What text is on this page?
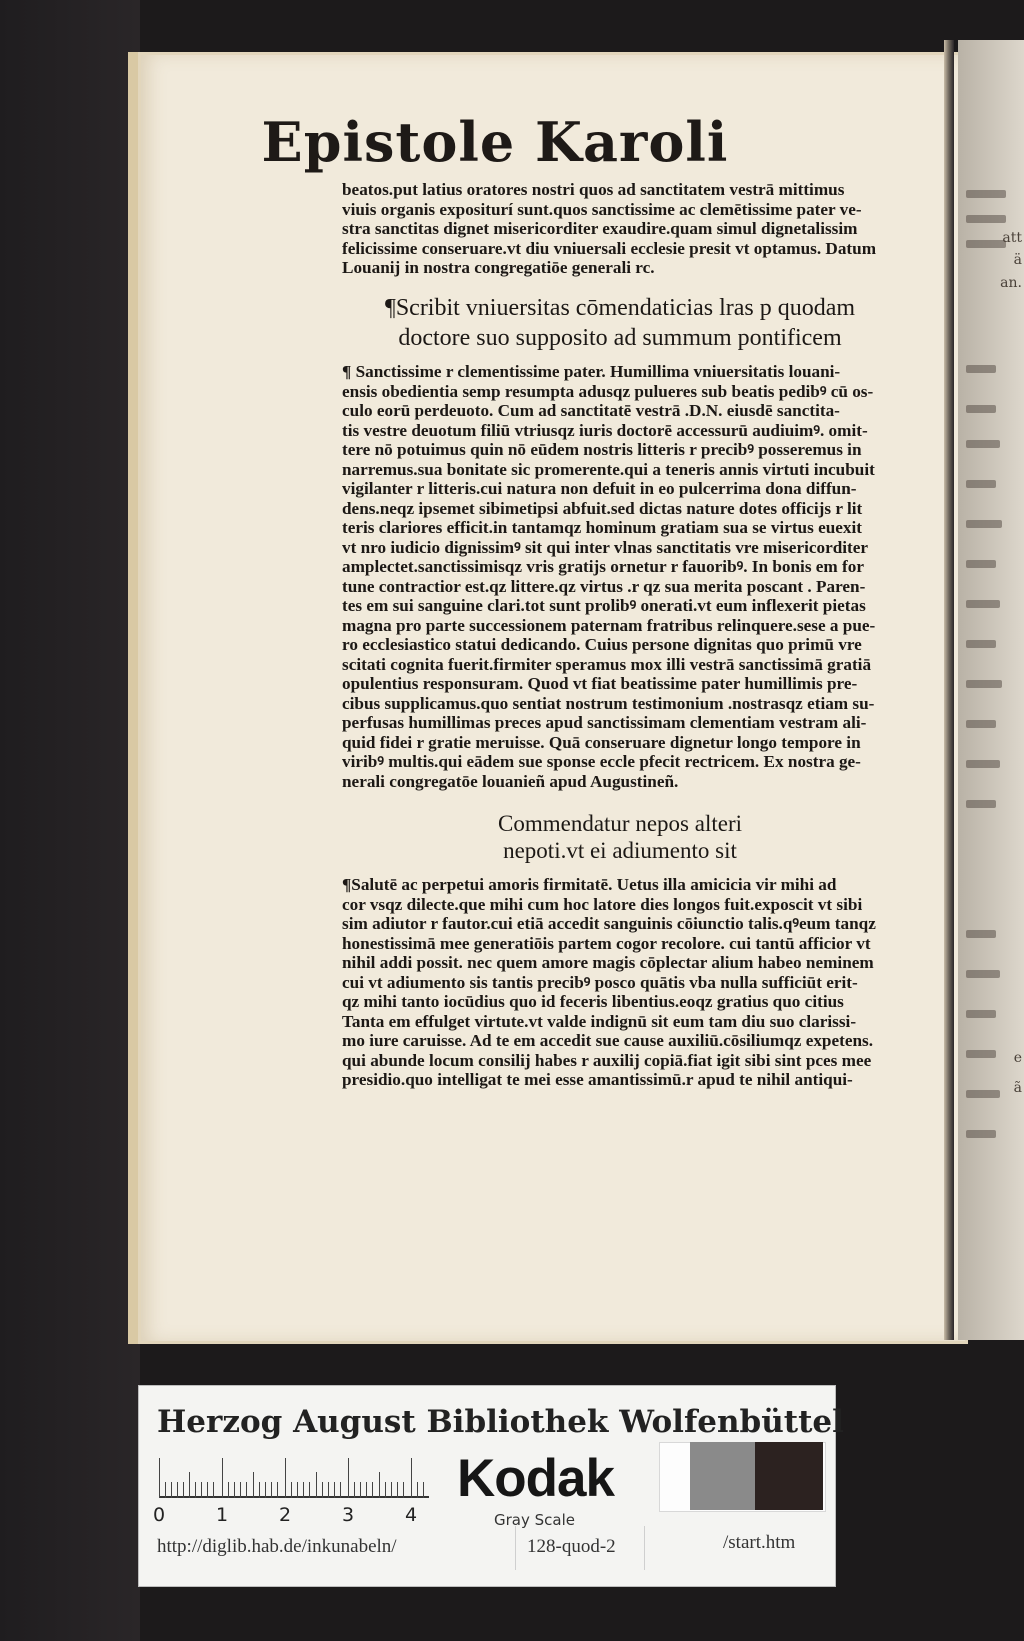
att
ä
an.
e
ã
Epistole Karoli
beatos.put latius oratores nostri quos ad sanctitatem vestrā mittimus
viuis organis expositurí sunt.quos sanctissime ac clemētissime pater ve-
stra sanctitas dignet misericorditer exaudire.quam simul dignetalissim
felicissime conseruare.vt diu vniuersali ecclesie presit vt optamus. Datum
Louanij in nostra congregatiōe generali rc.
¶Scribit vniuersitas cōmendaticias lras p quodam
doctore suo supposito ad summum pontificem
¶ Sanctissime r clementissime pater. Humillima vniuersitatis louani-
ensis obedientia semp resumpta adusqz pulueres sub beatis pedibꝰ cū os-
culo eorū perdeuoto. Cum ad sanctitatē vestrā .D.N. eiusdē sanctita-
tis vestre deuotum filiū vtriusqz iuris doctorē accessurū audiuimꝰ. omit-
tere nō potuimus quin nō eūdem nostris litteris r precibꝰ posseremus in
narremus.sua bonitate sic promerente.qui a teneris annis virtuti incubuit
vigilanter r litteris.cui natura non defuit in eo pulcerrima dona diffun-
dens.neqz ipsemet sibimetipsi abfuit.sed dictas nature dotes officijs r lit
teris clariores efficit.in tantamqz hominum gratiam sua se virtus euexit
vt nro iudicio dignissimꝰ sit qui inter vlnas sanctitatis vre misericorditer
amplectet.sanctissimisqz vris gratijs ornetur r fauoribꝰ. In bonis em for
tune contractior est.qz littere.qz virtus .r qz sua merita poscant . Paren-
tes em sui sanguine clari.tot sunt prolibꝰ onerati.vt eum inflexerit pietas
magna pro parte successionem paternam fratribus relinquere.sese a pue-
ro ecclesiastico statui dedicando. Cuius persone dignitas quo primū vre
scitati cognita fuerit.firmiter speramus mox illi vestrā sanctissimā gratiā
opulentius responsuram. Quod vt fiat beatissime pater humillimis pre-
cibus supplicamus.quo sentiat nostrum testimonium .nostrasqz etiam su-
perfusas humillimas preces apud sanctissimam clementiam vestram ali-
quid fidei r gratie meruisse. Quā conseruare dignetur longo tempore in
viribꝰ multis.qui eādem sue sponse eccle pfecit rectricem. Ex nostra ge-
nerali congregatōe louanieñ apud Augustineñ.
Commendatur nepos alteri
nepoti.vt ei adiumento sit
¶Salutē ac perpetui amoris firmitatē. Uetus illa amicicia vir mihi ad
cor vsqz dilecte.que mihi cum hoc latore dies longos fuit.exposcit vt sibi
sim adiutor r fautor.cui etiā accedit sanguinis cōiunctio talis.qꝰeum tanqz
honestissimā mee generatiōis partem cogor recolore. cui tantū afficior vt
nihil addi possit. nec quem amore magis cōplectar alium habeo neminem
cui vt adiumento sis tantis precibꝰ posco quātis vba nulla sufficiūt erit-
qz mihi tanto iocūdius quo id feceris libentius.eoqz gratius quo citius
Tanta em effulget virtute.vt valde indignū sit eum tam diu suo clarissi-
mo iure caruisse. Ad te em accedit sue cause auxiliū.cōsiliumqz expetens.
qui abunde locum consilij habes r auxilij copiā.fiat igit sibi sint pces mee
presidio.quo intelligat te mei esse amantissimū.r apud te nihil antiqui-
Herzog August Bibliothek Wolfenbüttel
0	1	2	3	4
Kodak
Gray Scale
http://diglib.hab.de/inkunabeln/	128-quod-2	/start.htm
